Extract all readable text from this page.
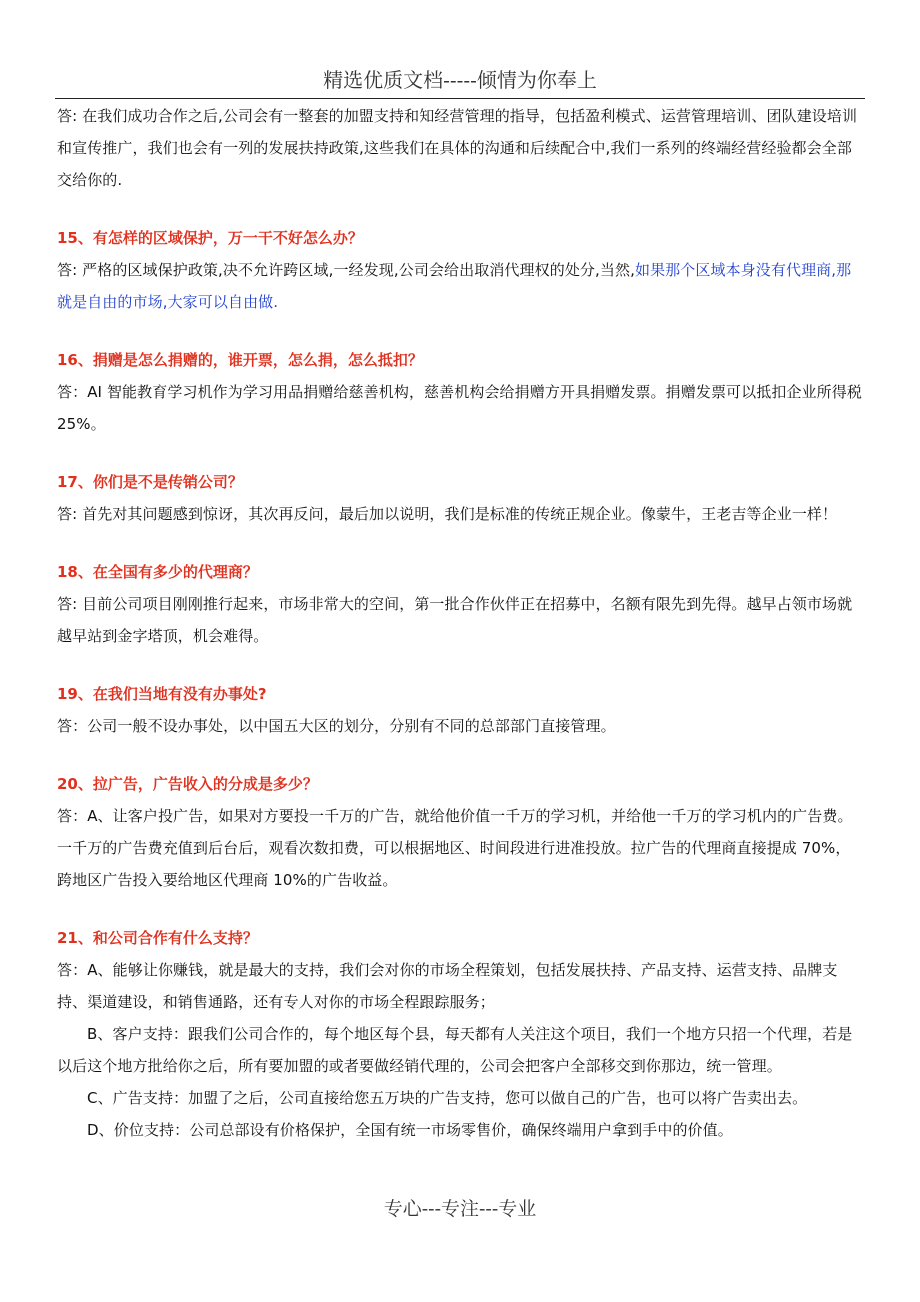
精选优质文档-----倾情为你奉上

答: 在我们成功合作之后,公司会有一整套的加盟支持和知经营管理的指导，包括盈利模式、运营管理培训、团队建设培训和宣传推广，我们也会有一列的发展扶持政策,这些我们在具体的沟通和后续配合中,我们一系列的终端经营经验都会全部交给你的.

15、有怎样的区域保护，万一干不好怎么办？

答: 严格的区域保护政策,决不允许跨区域,一经发现,公司会给出取消代理权的处分,当然,如果那个区域本身没有代理商,那就是自由的市场,大家可以自由做.

16、捐赠是怎么捐赠的，谁开票，怎么捐，怎么抵扣？

答：AI 智能教育学习机作为学习用品捐赠给慈善机构，慈善机构会给捐赠方开具捐赠发票。捐赠发票可以抵扣企业所得税 25%。

17、你们是不是传销公司？

答: 首先对其问题感到惊讶，其次再反问，最后加以说明，我们是标准的传统正规企业。像蒙牛，王老吉等企业一样！

18、在全国有多少的代理商？

答: 目前公司项目刚刚推行起来，市场非常大的空间，第一批合作伙伴正在招募中，名额有限先到先得。越早占领市场就越早站到金字塔顶，机会难得。

19、在我们当地有没有办事处?

答：公司一般不设办事处，以中国五大区的划分，分别有不同的总部部门直接管理。

20、拉广告，广告收入的分成是多少？

答：A、让客户投广告，如果对方要投一千万的广告，就给他价值一千万的学习机，并给他一千万的学习机内的广告费。一千万的广告费充值到后台后，观看次数扣费，可以根据地区、时间段进行进准投放。拉广告的代理商直接提成 70%，跨地区广告投入要给地区代理商 10%的广告收益。

21、和公司合作有什么支持？

答：A、能够让你赚钱，就是最大的支持，我们会对你的市场全程策划，包括发展扶持、产品支持、运营支持、品牌支持、渠道建设，和销售通路，还有专人对你的市场全程跟踪服务；

B、客户支持：跟我们公司合作的，每个地区每个县，每天都有人关注这个项目，我们一个地方只招一个代理，若是以后这个地方批给你之后，所有要加盟的或者要做经销代理的，公司会把客户全部移交到你那边，统一管理。

C、广告支持：加盟了之后，公司直接给您五万块的广告支持，您可以做自己的广告，也可以将广告卖出去。

D、价位支持：公司总部设有价格保护，全国有统一市场零售价，确保终端用户拿到手中的价值。

专心---专注---专业
